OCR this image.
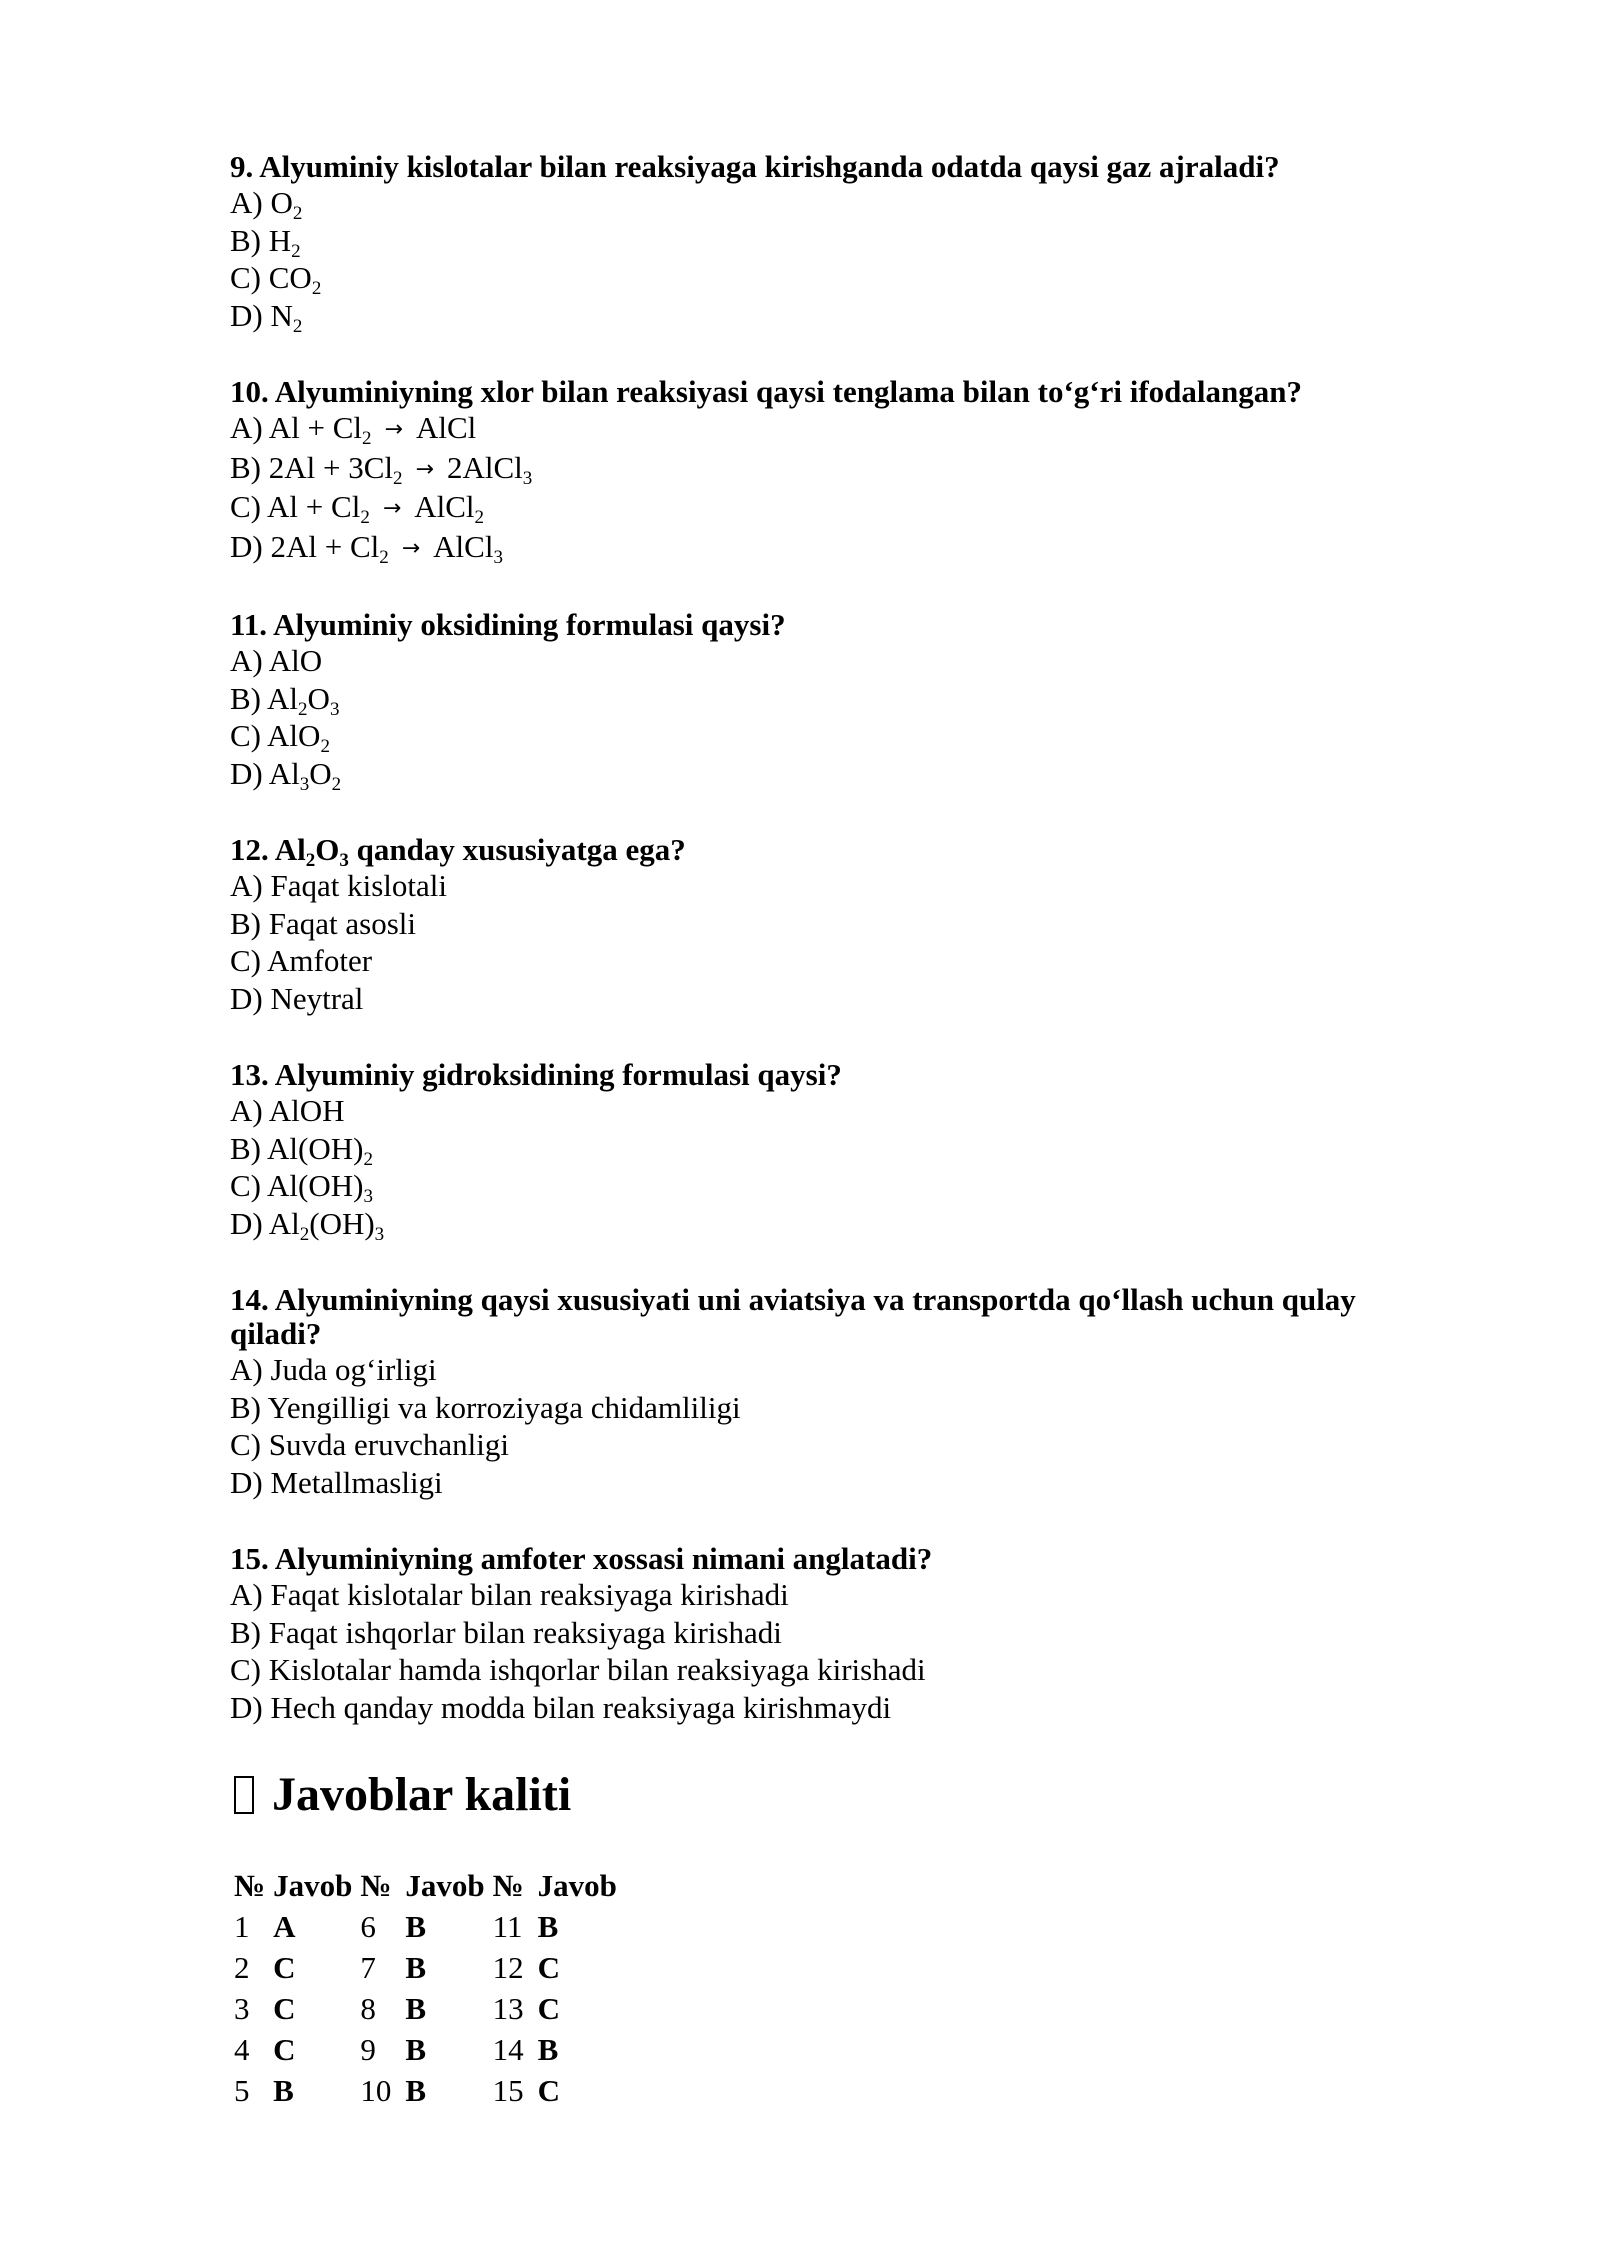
9. Alyuminiy kislotalar bilan reaksiyaga kirishganda odatda qaysi gaz ajraladi?

A) $O_2$

B) $H_2$

C) $CO_2$

D) $N_2$

10. Alyuminiyning xlor bilan reaksiyasi qaysi tenglama bilan to‘g‘ri ifodalangan?

A) $Al + Cl_2$ → AlCl

B) $2Al + 3Cl_2$ → 2AlCl$_3$

C) $Al + Cl_2$ → AlCl$_2$

D) $2Al + Cl_2$ → AlCl$_3$

11. Alyuminiy oksidining formulasi qaysi?

A) AlO

B) $Al_2O_3$

C) AlO$_2$

D) $Al_3O_2$

12. $Al_2O_3$ qanday xususiyatga ega?

A) Faqat kislotali

B) Faqat asosli

C) Amfoter

D) Neytral

13. Alyuminiy gidroksidining formulasi qaysi?

A) AlOH

B) $Al(OH)_2$

C) $Al(OH)_3$

D) $Al_2(OH)_3$

14. Alyuminiyning qaysi xususiyati uni aviatsiya va transportda qo‘llash uchun qulay qiladi?

A) Juda og‘irligi

B) Yengilligi va korroziyaga chidamliligi

C) Suvda eruvchanligi

D) Metallmasligi

15. Alyuminiyning amfoter xossasi nimani anglatadi?

A) Faqat kislotalar bilan reaksiyaga kirishadi

B) Faqat ishqorlar bilan reaksiyaga kirishadi

C) Kislotalar hamda ishqorlar bilan reaksiyaga kirishadi

D) Hech qanday modda bilan reaksiyaga kirishmaydi

Javoblar kaliti
№	Javob	№	Javob	№	Javob
1	A	6	B	11	B
2	C	7	B	12	C
3	C	8	B	13	C
4	C	9	B	14	B
5	B	10	B	15	C
